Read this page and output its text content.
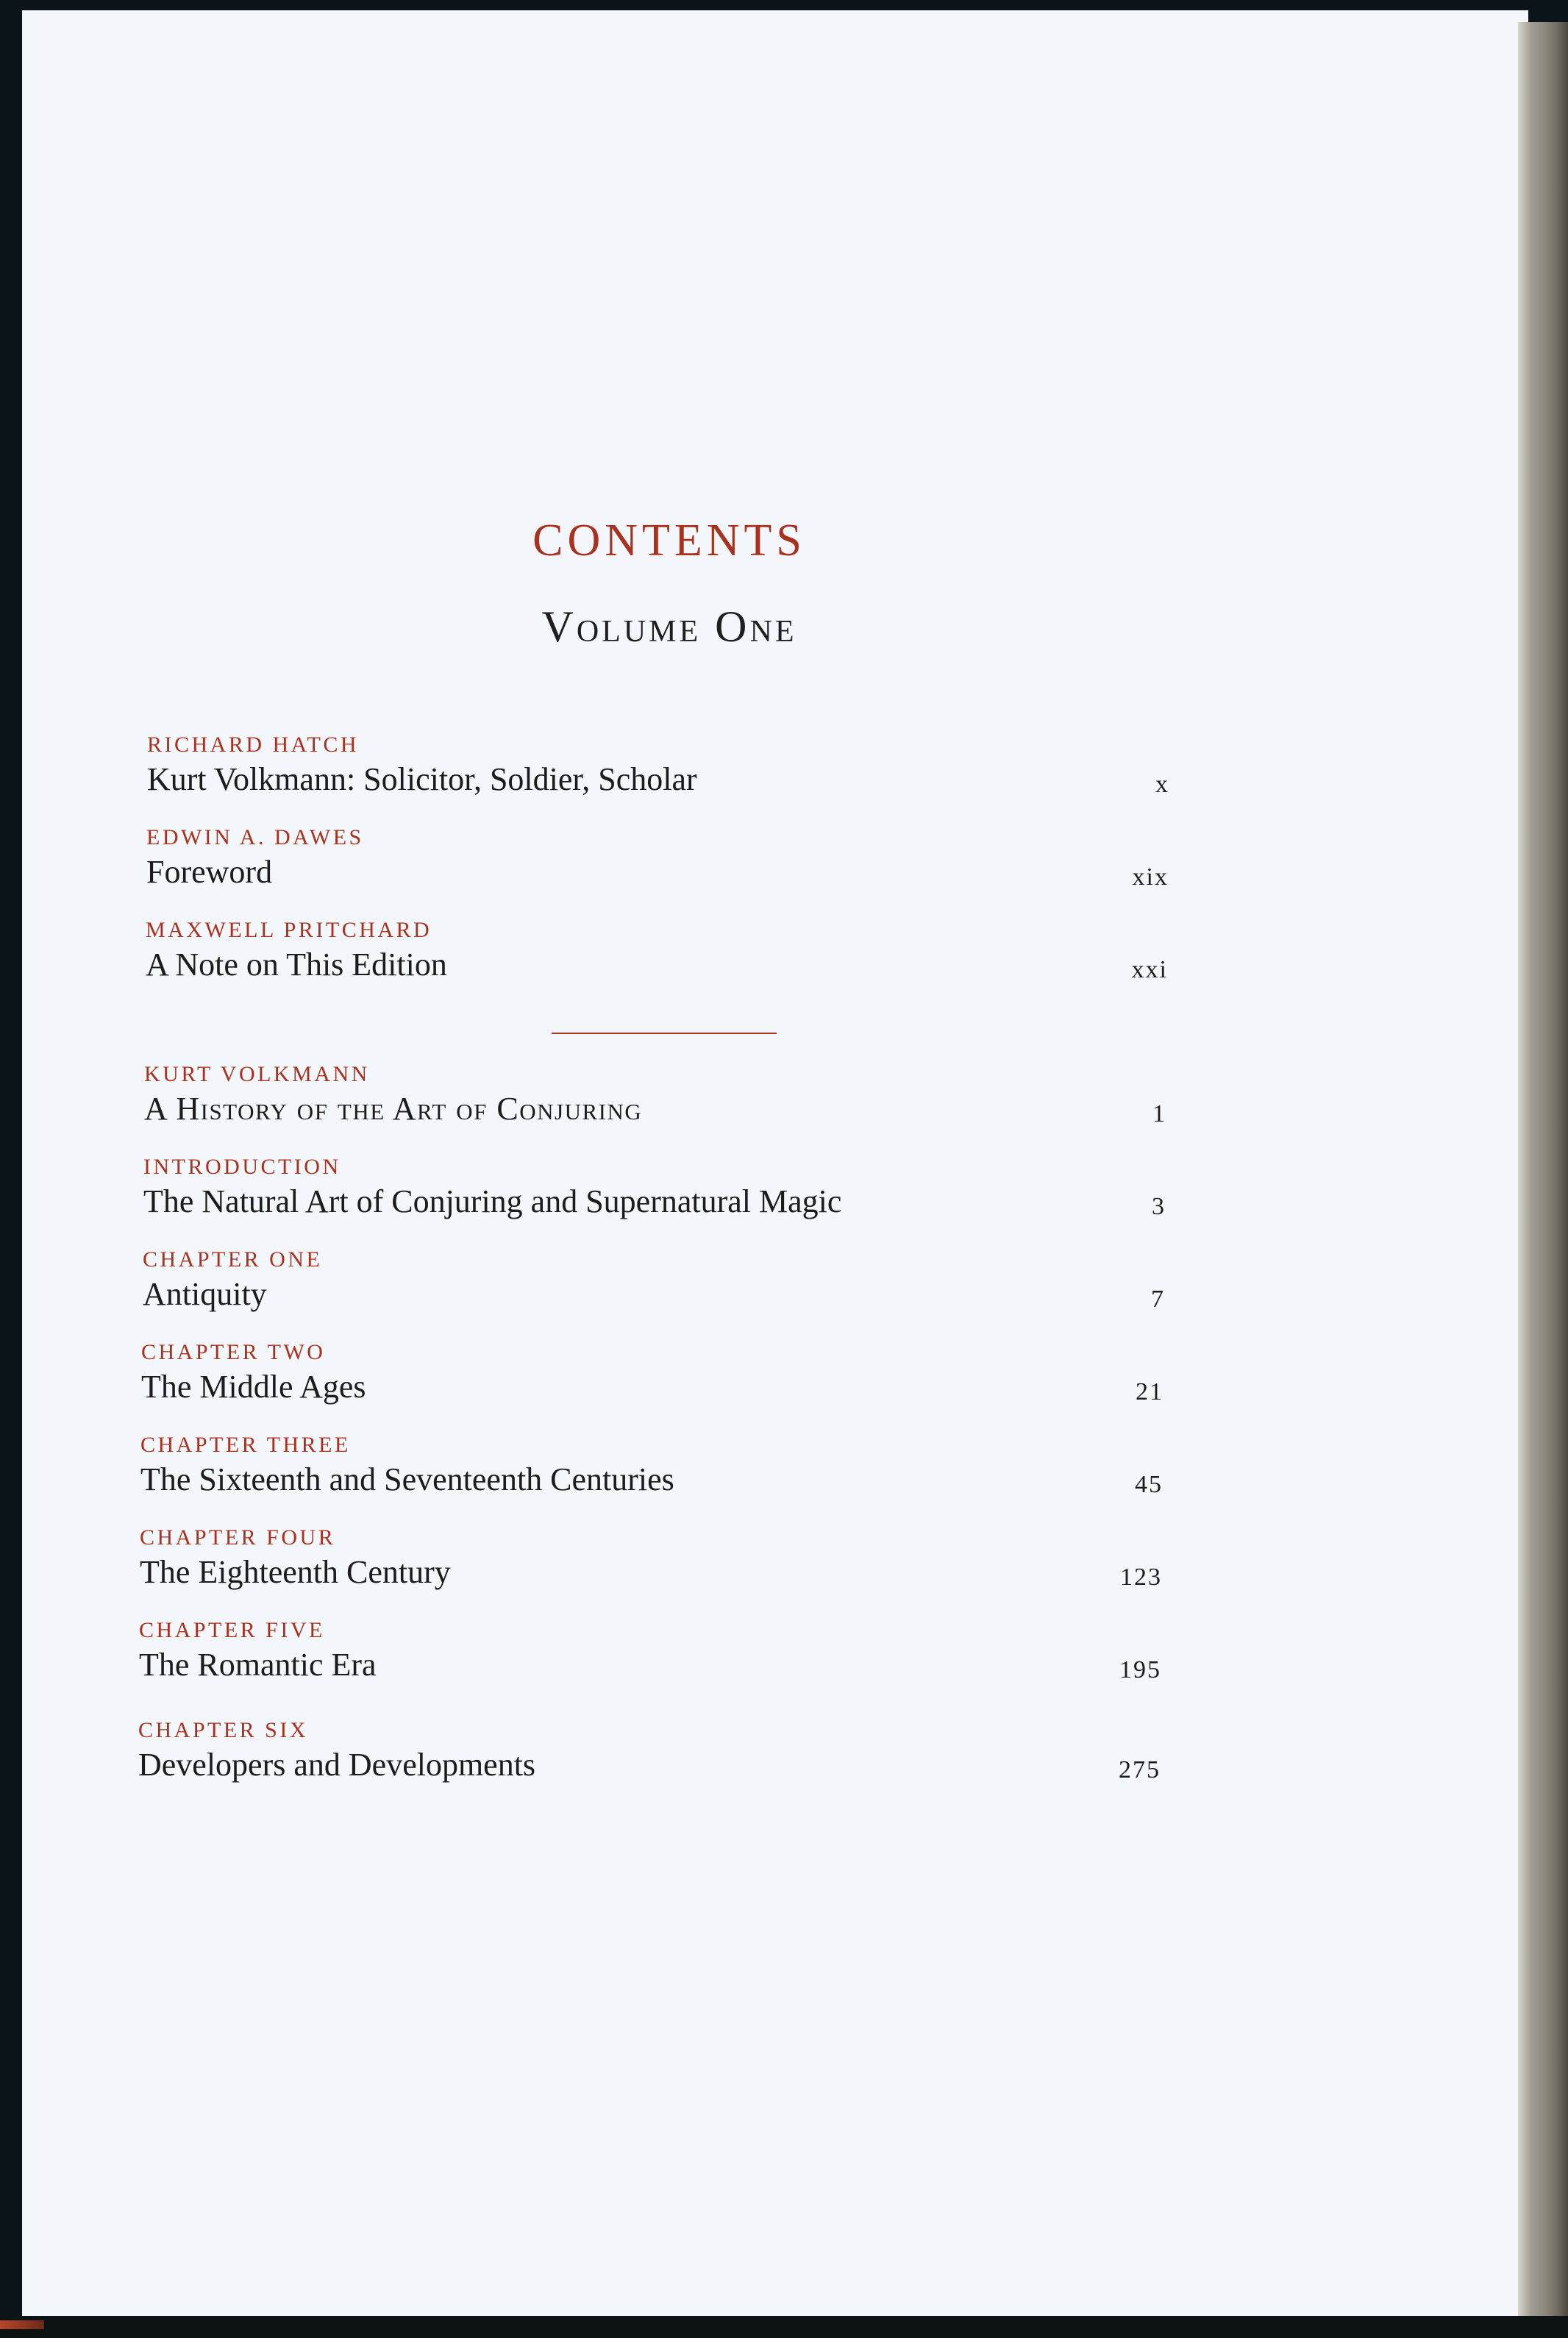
CONTENTS
Volume One
RICHARD HATCH
Kurt Volkmann: Solicitor, Soldier, Scholar	x
EDWIN A. DAWES
Foreword	xix
MAXWELL PRITCHARD
A Note on This Edition	xxi
KURT VOLKMANN
A History of the Art of Conjuring	1
INTRODUCTION
The Natural Art of Conjuring and Supernatural Magic	3
CHAPTER ONE
Antiquity	7
CHAPTER TWO
The Middle Ages	21
CHAPTER THREE
The Sixteenth and Seventeenth Centuries	45
CHAPTER FOUR
The Eighteenth Century	123
CHAPTER FIVE
The Romantic Era	195
CHAPTER SIX
Developers and Developments	275
